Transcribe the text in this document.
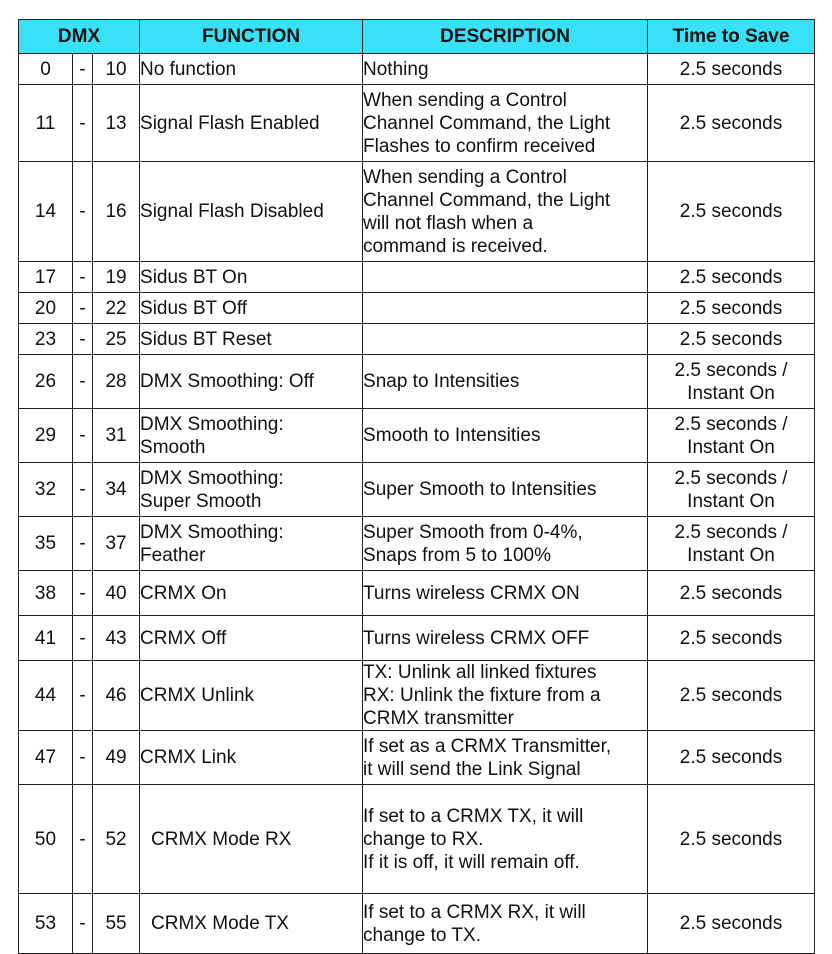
DMX			FUNCTION	DESCRIPTION	Time to Save
0	-	10	No function	Nothing	2.5 seconds

11	-	13	Signal Flash Enabled	When sending a Control
Channel Command, the Light
Flashes to confirm received	2.5 seconds

14	-	16	Signal Flash Disabled	When sending a Control
Channel Command, the Light
will not flash when a
command is received.	2.5 seconds

17	-	19	Sidus BT On		2.5 seconds

20	-	22	Sidus BT Off		2.5 seconds

23	-	25	Sidus BT Reset		2.5 seconds

26	-	28	DMX Smoothing: Off	Snap to Intensities	2.5 seconds /
Instant On

29	-	31	DMX Smoothing:
Smooth	Smooth to Intensities	2.5 seconds /
Instant On

32	-	34	DMX Smoothing:
Super Smooth	Super Smooth to Intensities	2.5 seconds /
Instant On

35	-	37	DMX Smoothing:
Feather	Super Smooth from 0-4%,
Snaps from 5 to 100%	2.5 seconds /
Instant On

38	-	40	CRMX On	Turns wireless CRMX ON	2.5 seconds

41	-	43	CRMX Off	Turns wireless CRMX OFF	2.5 seconds

44	-	46	CRMX Unlink	TX: Unlink all linked fixtures
RX: Unlink the fixture from a
CRMX transmitter	2.5 seconds

47	-	49	CRMX Link	If set as a CRMX Transmitter,
it will send the Link Signal	2.5 seconds

50	-	52	CRMX Mode RX	If set to a CRMX TX, it will
change to RX.
If it is off, it will remain off.	2.5 seconds

53	-	55	CRMX Mode TX	If set to a CRMX RX, it will
change to TX.	2.5 seconds
